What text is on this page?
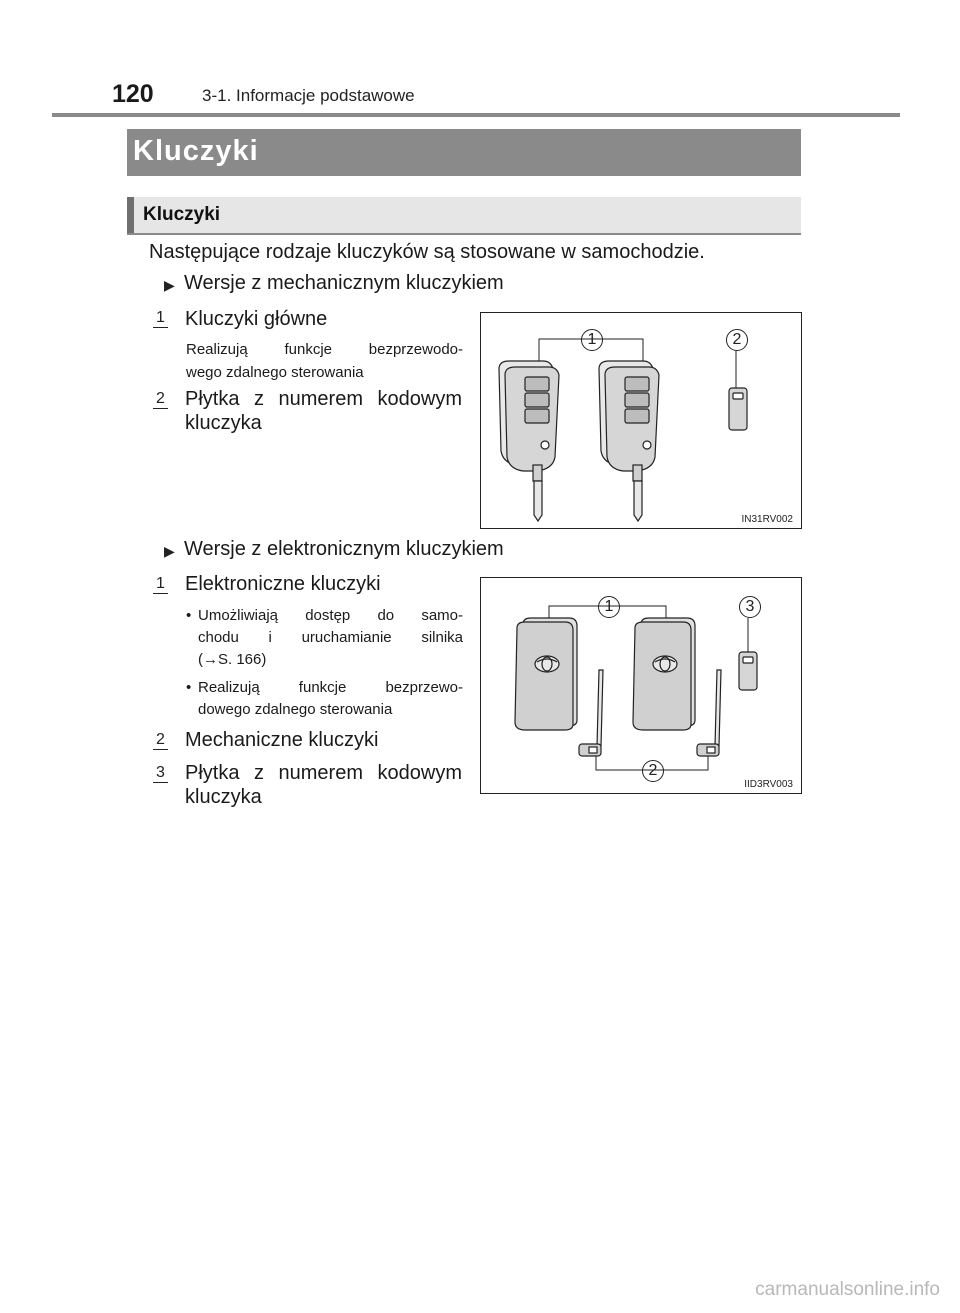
120	3-1. Informacje podstawowe
Kluczyki
Kluczyki
Następujące rodzaje kluczyków są stosowane w samochodzie.
▶ Wersje z mechanicznym kluczykiem
1 Kluczyki główne
Realizują funkcje bezprzewodo-
wego zdalnego sterowania
2 Płytka z numerem kodowym
kluczyka
1	2
IN31RV002
▶ Wersje z elektronicznym kluczykiem
1 Elektroniczne kluczyki
• Umożliwiają dostęp do samo-
chodu i uruchamianie silnika
(→S. 166)
• Realizują funkcje bezprzewo-
dowego zdalnego sterowania
2 Mechaniczne kluczyki
3 Płytka z numerem kodowym
kluczyka
1	3
2
IID3RV003
carmanualsonline.info
